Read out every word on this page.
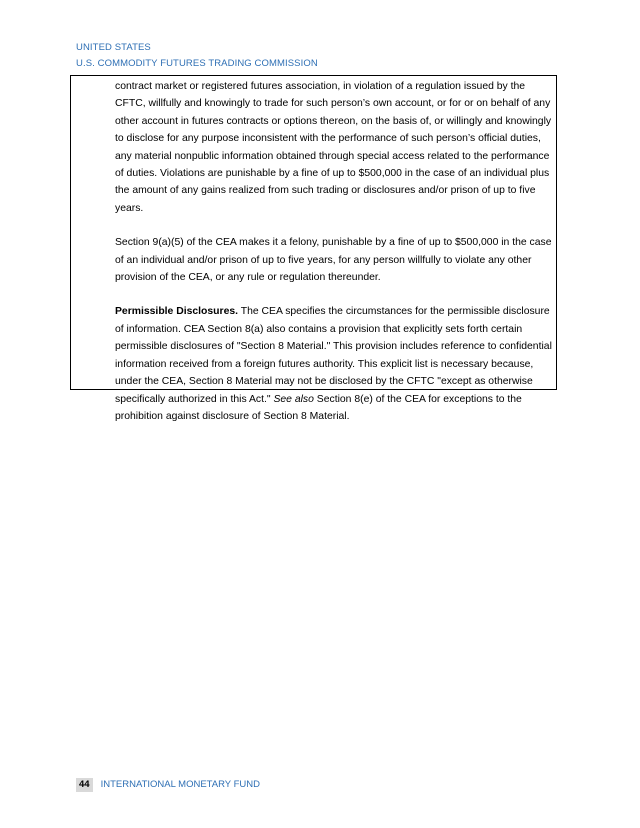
UNITED STATES
U.S. COMMODITY FUTURES TRADING COMMISSION

contract market or registered futures association, in violation of a regulation issued by the CFTC, willfully and knowingly to trade for such person’s own account, or for or on behalf of any other account in futures contracts or options thereon, on the basis of, or willingly and knowingly to disclose for any purpose inconsistent with the performance of such person’s official duties, any material nonpublic information obtained through special access related to the performance of duties. Violations are punishable by a fine of up to $500,000 in the case of an individual plus the amount of any gains realized from such trading or disclosures and/or prison of up to five years.

Section 9(a)(5) of the CEA makes it a felony, punishable by a fine of up to $500,000 in the case of an individual and/or prison of up to five years, for any person willfully to violate any other provision of the CEA, or any rule or regulation thereunder.

Permissible Disclosures. The CEA specifies the circumstances for the permissible disclosure of information. CEA Section 8(a) also contains a provision that explicitly sets forth certain permissible disclosures of "Section 8 Material." This provision includes reference to confidential information received from a foreign futures authority. This explicit list is necessary because, under the CEA, Section 8 Material may not be disclosed by the CFTC "except as otherwise specifically authorized in this Act." See also Section 8(e) of the CEA for exceptions to the prohibition against disclosure of Section 8 Material.

44	INTERNATIONAL MONETARY FUND
